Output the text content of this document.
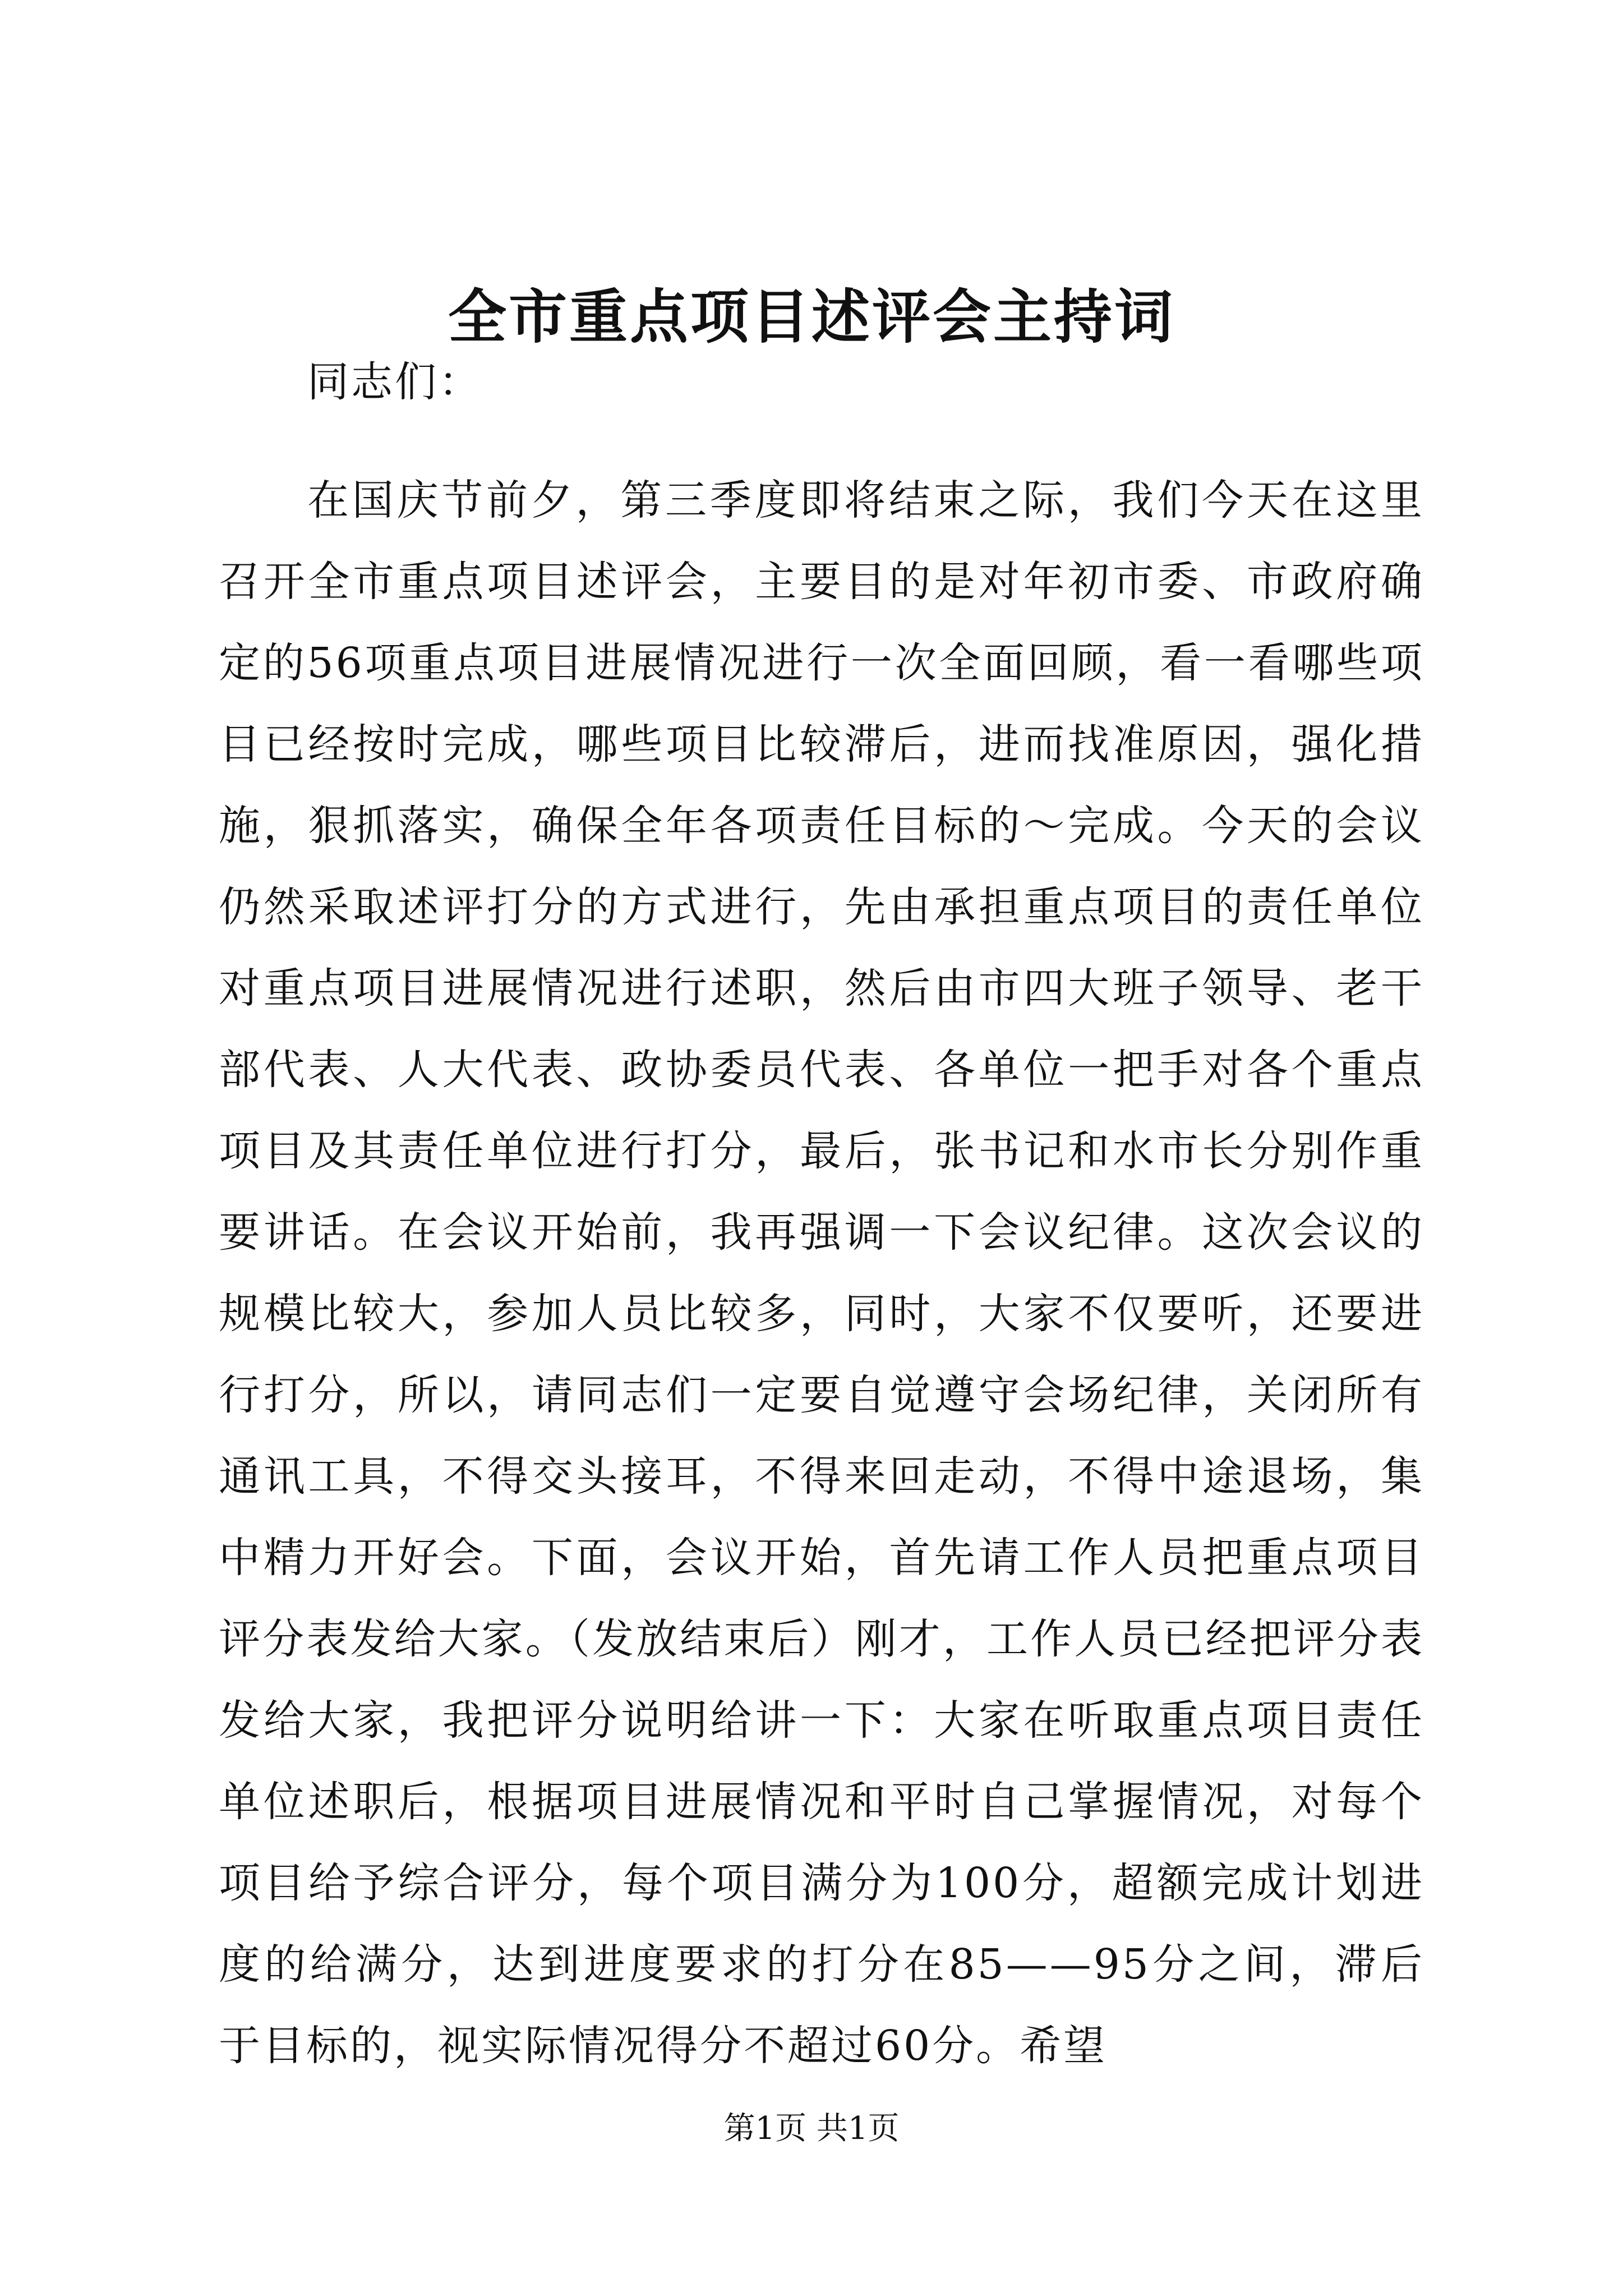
全市重点项目述评会主持词

同志们：

在国庆节前夕，第三季度即将结束之际，我们今天在这里召开全市重点项目述评会，主要目的是对年初市委、市政府确定的56项重点项目进展情况进行一次全面回顾，看一看哪些项目已经按时完成，哪些项目比较滞后，进而找准原因，强化措施，狠抓落实，确保全年各项责任目标的～完成。今天的会议仍然采取述评打分的方式进行，先由承担重点项目的责任单位对重点项目进展情况进行述职，然后由市四大班子领导、老干部代表、人大代表、政协委员代表、各单位一把手对各个重点项目及其责任单位进行打分，最后，张书记和水市长分别作重要讲话。在会议开始前，我再强调一下会议纪律。这次会议的规模比较大，参加人员比较多，同时，大家不仅要听，还要进行打分，所以，请同志们一定要自觉遵守会场纪律，关闭所有通讯工具，不得交头接耳，不得来回走动，不得中途退场，集中精力开好会。下面，会议开始，首先请工作人员把重点项目评分表发给大家。（发放结束后）刚才，工作人员已经把评分表发给大家，我把评分说明给讲一下：大家在听取重点项目责任单位述职后，根据项目进展情况和平时自己掌握情况，对每个项目给予综合评分，每个项目满分为100分，超额完成计划进度的给满分，达到进度要求的打分在85——95分之间，滞后于目标的，视实际情况得分不超过60分。希望

第1页 共1页
